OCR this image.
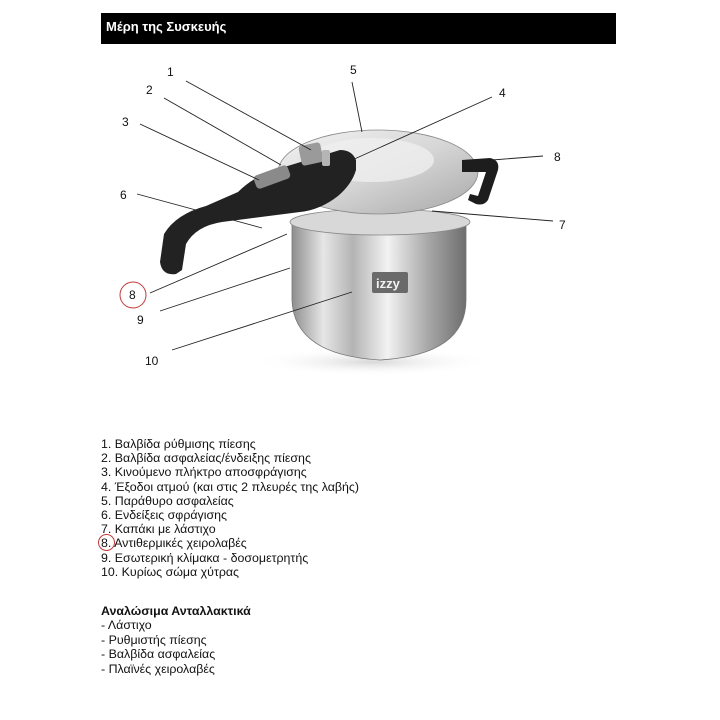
Μέρη της Συσκευής
izzy
1
2
3
4
5
6
7
8
8
9
10
1. Βαλβίδα ρύθμισης πίεσης
2. Βαλβίδα ασφαλείας/ένδειξης πίεσης
3. Κινούμενο πλήκτρο αποσφράγισης
4. Έξοδοι ατμού (και στις 2 πλευρές της λαβής)
5. Παράθυρο ασφαλείας
6. Ενδείξεις σφράγισης
7. Καπάκι με λάστιχο
8. Αντιθερμικές χειρολαβές
9. Εσωτερική κλίμακα - δοσομετρητής
10. Κυρίως σώμα χύτρας
Αναλώσιμα Ανταλλακτικά
- Λάστιχο
- Ρυθμιστής πίεσης
- Βαλβίδα ασφαλείας
- Πλαϊνές χειρολαβές
